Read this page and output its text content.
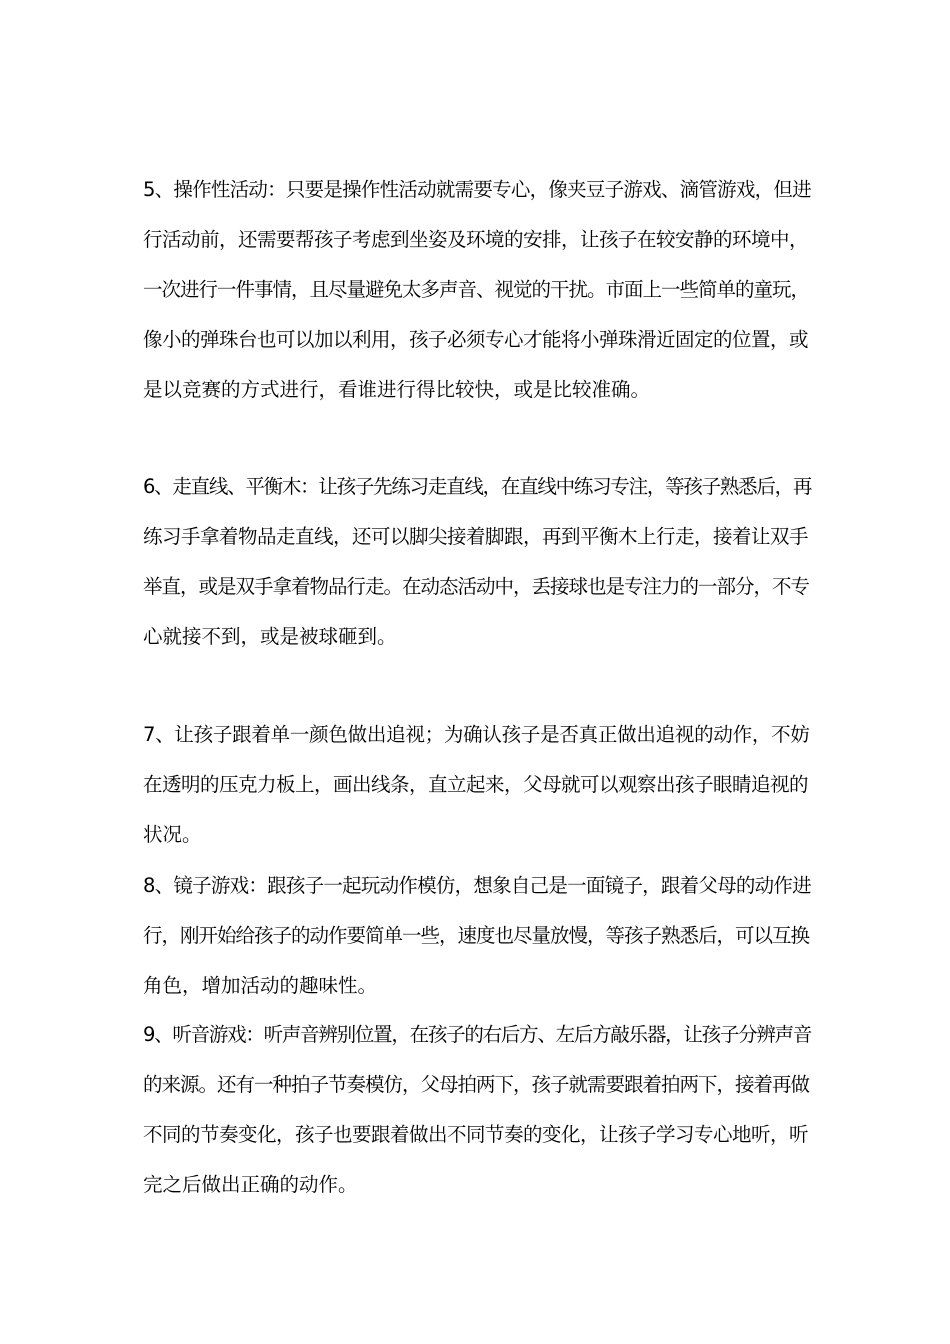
5、操作性活动：只要是操作性活动就需要专心，像夹豆子游戏、滴管游戏，但进
行活动前，还需要帮孩子考虑到坐姿及环境的安排，让孩子在较安静的环境中，
一次进行一件事情，且尽量避免太多声音、视觉的干扰。市面上一些简单的童玩，
像小的弹珠台也可以加以利用，孩子必须专心才能将小弹珠滑近固定的位置，或
是以竞赛的方式进行，看谁进行得比较快，或是比较准确。
6、走直线、平衡木：让孩子先练习走直线，在直线中练习专注，等孩子熟悉后，再
练习手拿着物品走直线，还可以脚尖接着脚跟，再到平衡木上行走，接着让双手
举直，或是双手拿着物品行走。在动态活动中，丢接球也是专注力的一部分，不专
心就接不到，或是被球砸到。
7、让孩子跟着单一颜色做出追视；为确认孩子是否真正做出追视的动作，不妨
在透明的压克力板上，画出线条，直立起来，父母就可以观察出孩子眼睛追视的
状况。
8、镜子游戏：跟孩子一起玩动作模仿，想象自己是一面镜子，跟着父母的动作进
行，刚开始给孩子的动作要简单一些，速度也尽量放慢，等孩子熟悉后，可以互换
角色，增加活动的趣味性。
9、听音游戏：听声音辨别位置，在孩子的右后方、左后方敲乐器，让孩子分辨声音
的来源。还有一种拍子节奏模仿，父母拍两下，孩子就需要跟着拍两下，接着再做
不同的节奏变化，孩子也要跟着做出不同节奏的变化，让孩子学习专心地听，听
完之后做出正确的动作。
